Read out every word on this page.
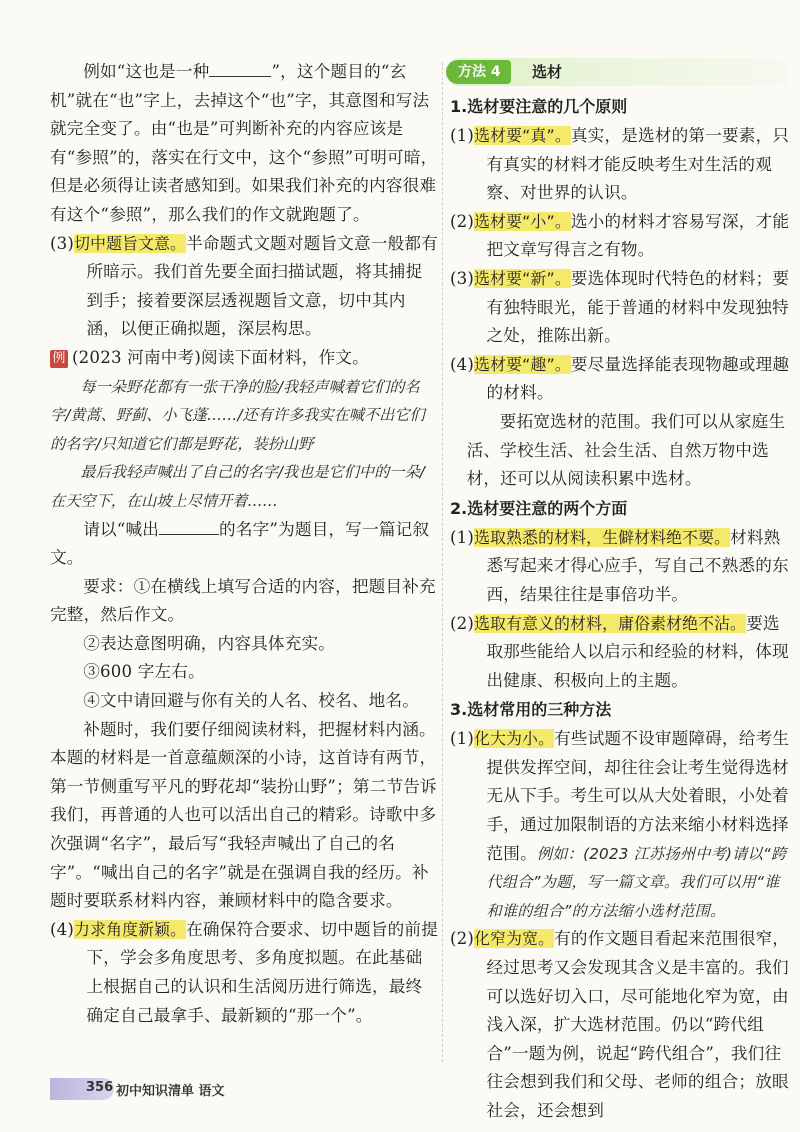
例如“这也是一种	”，这个题目的“玄机”就在“也”字上，去掉这个“也”字，其意图和写法就完全变了。由“也是”可判断补充的内容应该是有“参照”的，落实在行文中，这个“参照”可明可暗，但是必须得让读者感知到。如果我们补充的内容很难有这个“参照”，那么我们的作文就跑题了。

(3)切中题旨文意。半命题式文题对题旨文意一般都有所暗示。我们首先要全面扫描试题，将其捕捉到手；接着要深层透视题旨文意，切中其内涵，以便正确拟题，深层构思。

例 (2023 河南中考)阅读下面材料，作文。

每一朵野花都有一张干净的脸/我轻声喊着它们的名字/黄蒿、野蓟、小飞蓬……/还有许多我实在喊不出它们的名字/只知道它们都是野花，装扮山野

最后我轻声喊出了自己的名字/我也是它们中的一朵/在天空下，在山坡上尽情开着……

请以“喊出	的名字”为题目，写一篇记叙文。

要求：①在横线上填写合适的内容，把题目补充完整，然后作文。

②表达意图明确，内容具体充实。

③600 字左右。

④文中请回避与你有关的人名、校名、地名。

补题时，我们要仔细阅读材料，把握材料内涵。本题的材料是一首意蕴颇深的小诗，这首诗有两节，第一节侧重写平凡的野花却“装扮山野”；第二节告诉我们，再普通的人也可以活出自己的精彩。诗歌中多次强调“名字”，最后写“我轻声喊出了自己的名字”。“喊出自己的名字”就是在强调自我的经历。补题时要联系材料内容，兼顾材料中的隐含要求。

(4)力求角度新颖。在确保符合要求、切中题旨的前提下，学会多角度思考、多角度拟题。在此基础上根据自己的认识和生活阅历进行筛选，最终确定自己最拿手、最新颖的“那一个”。

方法 4	选材

1.选材要注意的几个原则

(1)选材要“真”。真实，是选材的第一要素，只有真实的材料才能反映考生对生活的观察、对世界的认识。

(2)选材要“小”。选小的材料才容易写深，才能把文章写得言之有物。

(3)选材要“新”。要选体现时代特色的材料；要有独特眼光，能于普通的材料中发现独特之处，推陈出新。

(4)选材要“趣”。要尽量选择能表现物趣或理趣的材料。

要拓宽选材的范围。我们可以从家庭生活、学校生活、社会生活、自然万物中选材，还可以从阅读积累中选材。

2.选材要注意的两个方面

(1)选取熟悉的材料，生僻材料绝不要。材料熟悉写起来才得心应手，写自己不熟悉的东西，结果往往是事倍功半。

(2)选取有意义的材料，庸俗素材绝不沾。要选取那些能给人以启示和经验的材料，体现出健康、积极向上的主题。

3.选材常用的三种方法

(1)化大为小。有些试题不设审题障碍，给考生提供发挥空间，却往往会让考生觉得选材无从下手。考生可以从大处着眼，小处着手，通过加限制语的方法来缩小材料选择范围。例如：(2023 江苏扬州中考)请以“跨代组合”为题，写一篇文章。我们可以用“谁和谁的组合”的方法缩小选材范围。

(2)化窄为宽。有的作文题目看起来范围很窄，经过思考又会发现其含义是丰富的。我们可以选好切入口，尽可能地化窄为宽，由浅入深，扩大选材范围。仍以“跨代组合”一题为例，说起“跨代组合”，我们往往会想到我们和父母、老师的组合；放眼社会，还会想到

356 初中知识清单 语文
